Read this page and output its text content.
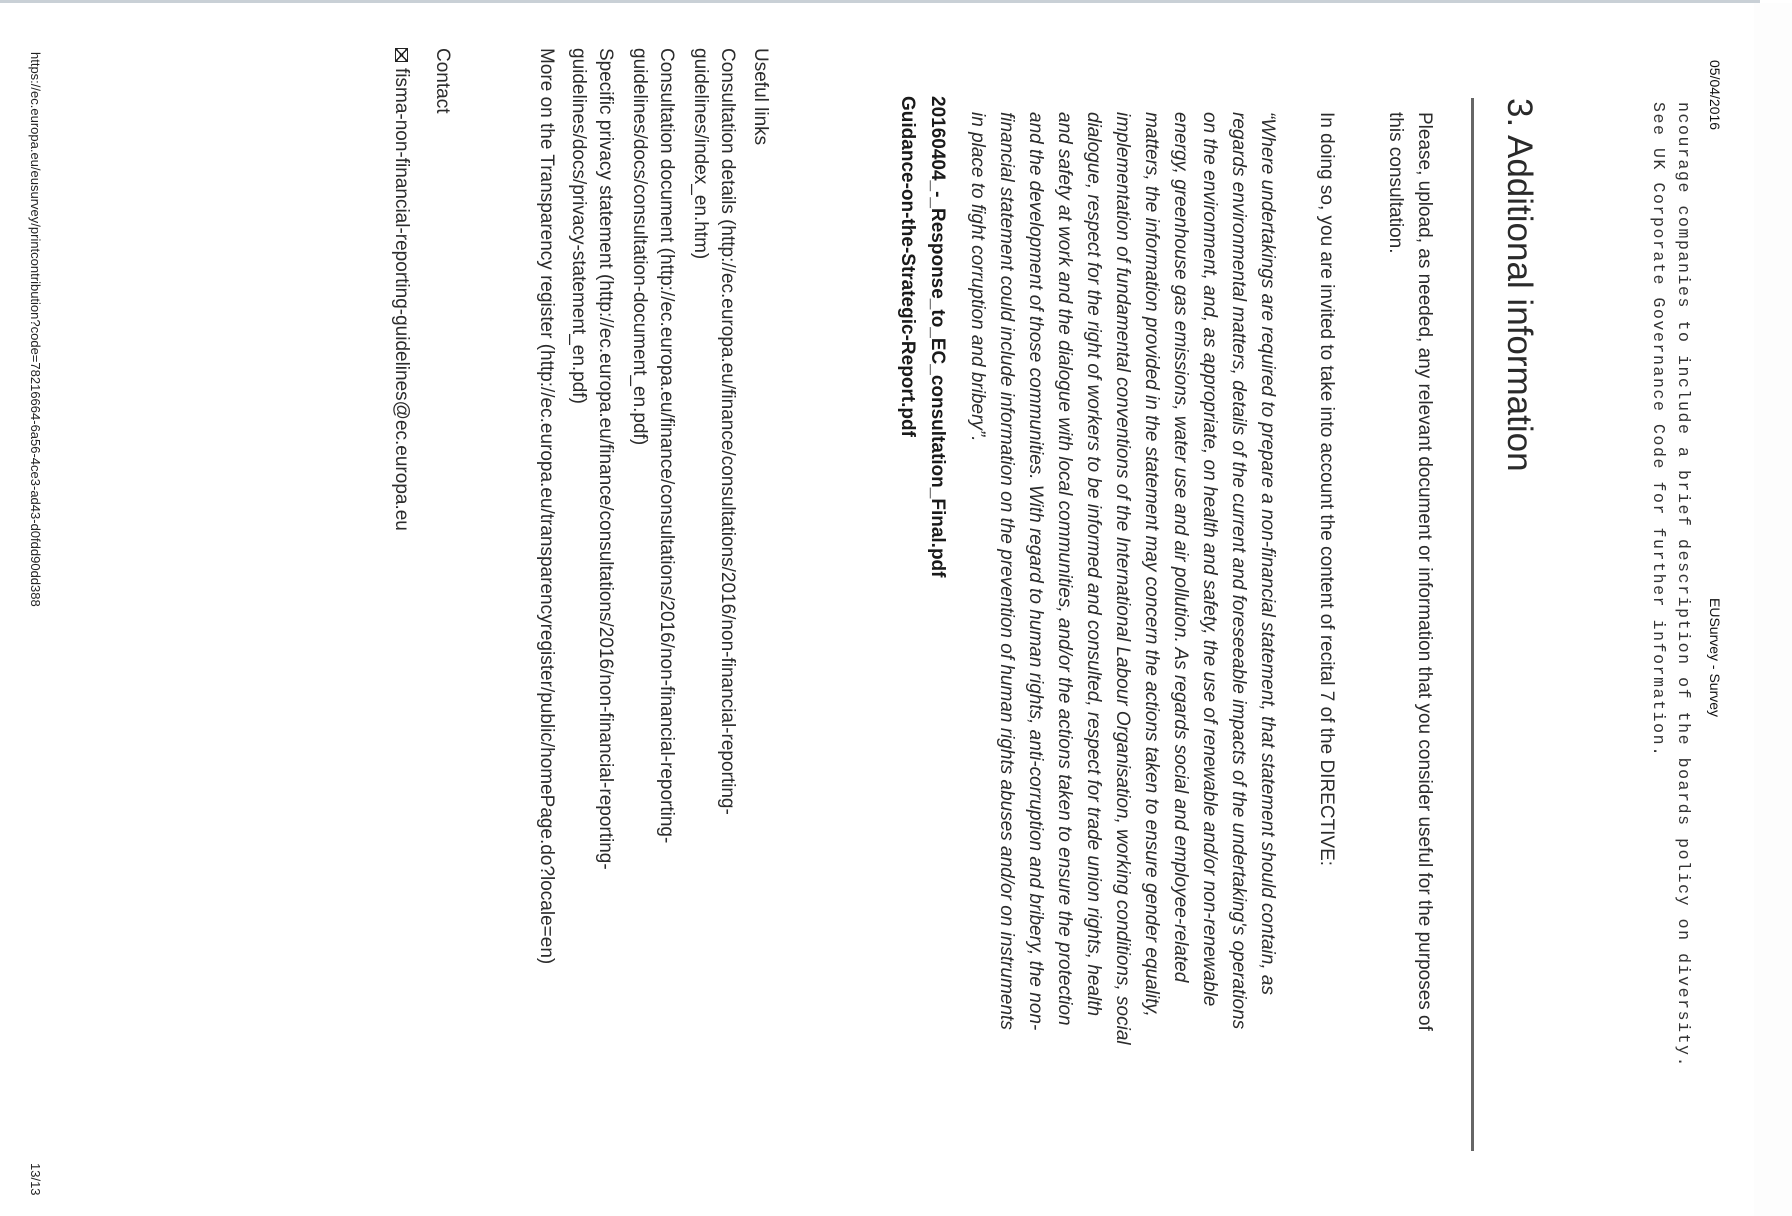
05/04/2016
EUSurvey - Survey
ncourage companies to include a brief description of the boards policy on diversity.
See UK Corporate Governance Code for further information.
3. Additional information
Please, upload, as needed, any relevant document or information that you consider useful for the purposes of
this consultation.
In doing so, you are invited to take into account the content of recital 7 of the DIRECTIVE:
“Where undertakings are required to prepare a non-financial statement, that statement should contain, as
regards environmental matters, details of the current and foreseeable impacts of the undertaking's operations
on the environment, and, as appropriate, on health and safety, the use of renewable and/or non-renewable
energy, greenhouse gas emissions, water use and air pollution. As regards social and employee-related
matters, the information provided in the statement may concern the actions taken to ensure gender equality,
implementation of fundamental conventions of the International Labour Organisation, working conditions, social
dialogue, respect for the right of workers to be informed and consulted, respect for trade union rights, health
and safety at work and the dialogue with local communities, and/or the actions taken to ensure the protection
and the development of those communities. With regard to human rights, anti-corruption and bribery, the non-
financial statement could include information on the prevention of human rights abuses and/or on instruments
in place to fight corruption and bribery”.
20160404_-_Response_to_EC_consultation_Final.pdf
Guidance-on-the-Strategic-Report.pdf
Useful links
Consultation details (http://ec.europa.eu/finance/consultations/2016/non-financial-reporting-
guidelines/index_en.htm)
Consultation document (http://ec.europa.eu/finance/consultations/2016/non-financial-reporting-
guidelines/docs/consultation-document_en.pdf)
Specific privacy statement (http://ec.europa.eu/finance/consultations/2016/non-financial-reporting-
guidelines/docs/privacy-statement_en.pdf)
More on the Transparency register (http://ec.europa.eu/transparencyregister/public/homePage.do?locale=en)
Contact
fisma-non-financial-reporting-guidelines@ec.europa.eu
https://ec.europa.eu/eusurvey/printcontribution?code=78216664-6a56-4ce3-ad43-d0fdd90dd388
13/13
